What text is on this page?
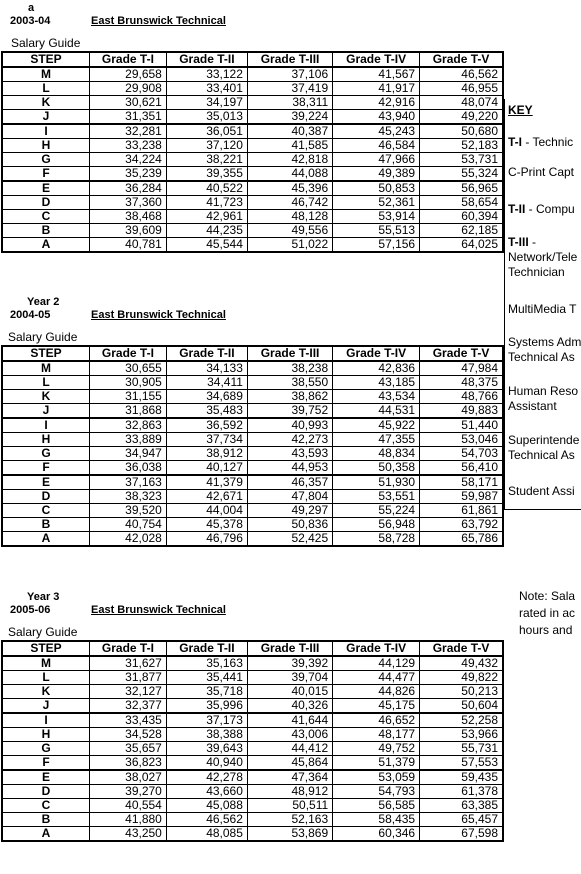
a
2003-04	East Brunswick Technical
Salary Guide
STEP	Grade T-I	Grade T-II	Grade T-III	Grade T-IV	Grade T-V
M	29,658	33,122	37,106	41,567	46,562
L	29,908	33,401	37,419	41,917	46,955
K	30,621	34,197	38,311	42,916	48,074
J	31,351	35,013	39,224	43,940	49,220
I	32,281	36,051	40,387	45,243	50,680
H	33,238	37,120	41,585	46,584	52,183
G	34,224	38,221	42,818	47,966	53,731
F	35,239	39,355	44,088	49,389	55,324
E	36,284	40,522	45,396	50,853	56,965
D	37,360	41,723	46,742	52,361	58,654
C	38,468	42,961	48,128	53,914	60,394
B	39,609	44,235	49,556	55,513	62,185
A	40,781	45,544	51,022	57,156	64,025
Year 2
2004-05	East Brunswick Technical
Salary Guide
STEP	Grade T-I	Grade T-II	Grade T-III	Grade T-IV	Grade T-V
M	30,655	34,133	38,238	42,836	47,984
L	30,905	34,411	38,550	43,185	48,375
K	31,155	34,689	38,862	43,534	48,766
J	31,868	35,483	39,752	44,531	49,883
I	32,863	36,592	40,993	45,922	51,440
H	33,889	37,734	42,273	47,355	53,046
G	34,947	38,912	43,593	48,834	54,703
F	36,038	40,127	44,953	50,358	56,410
E	37,163	41,379	46,357	51,930	58,171
D	38,323	42,671	47,804	53,551	59,987
C	39,520	44,004	49,297	55,224	61,861
B	40,754	45,378	50,836	56,948	63,792
A	42,028	46,796	52,425	58,728	65,786
Year 3
2005-06	East Brunswick Technical
Salary Guide
STEP	Grade T-I	Grade T-II	Grade T-III	Grade T-IV	Grade T-V
M	31,627	35,163	39,392	44,129	49,432
L	31,877	35,441	39,704	44,477	49,822
K	32,127	35,718	40,015	44,826	50,213
J	32,377	35,996	40,326	45,175	50,604
I	33,435	37,173	41,644	46,652	52,258
H	34,528	38,388	43,006	48,177	53,966
G	35,657	39,643	44,412	49,752	55,731
F	36,823	40,940	45,864	51,379	57,553
E	38,027	42,278	47,364	53,059	59,435
D	39,270	43,660	48,912	54,793	61,378
C	40,554	45,088	50,511	56,585	63,385
B	41,880	46,562	52,163	58,435	65,457
A	43,250	48,085	53,869	60,346	67,598
KEY
T-I - Technic
C-Print Capt
T-II - Compu
T-III -
Network/Tele
Technician
MultiMedia T
Systems Adm
Technical As
Human Reso
Assistant
Superintende
Technical As
Student Assi
Note: Sala
rated in ac
hours and
